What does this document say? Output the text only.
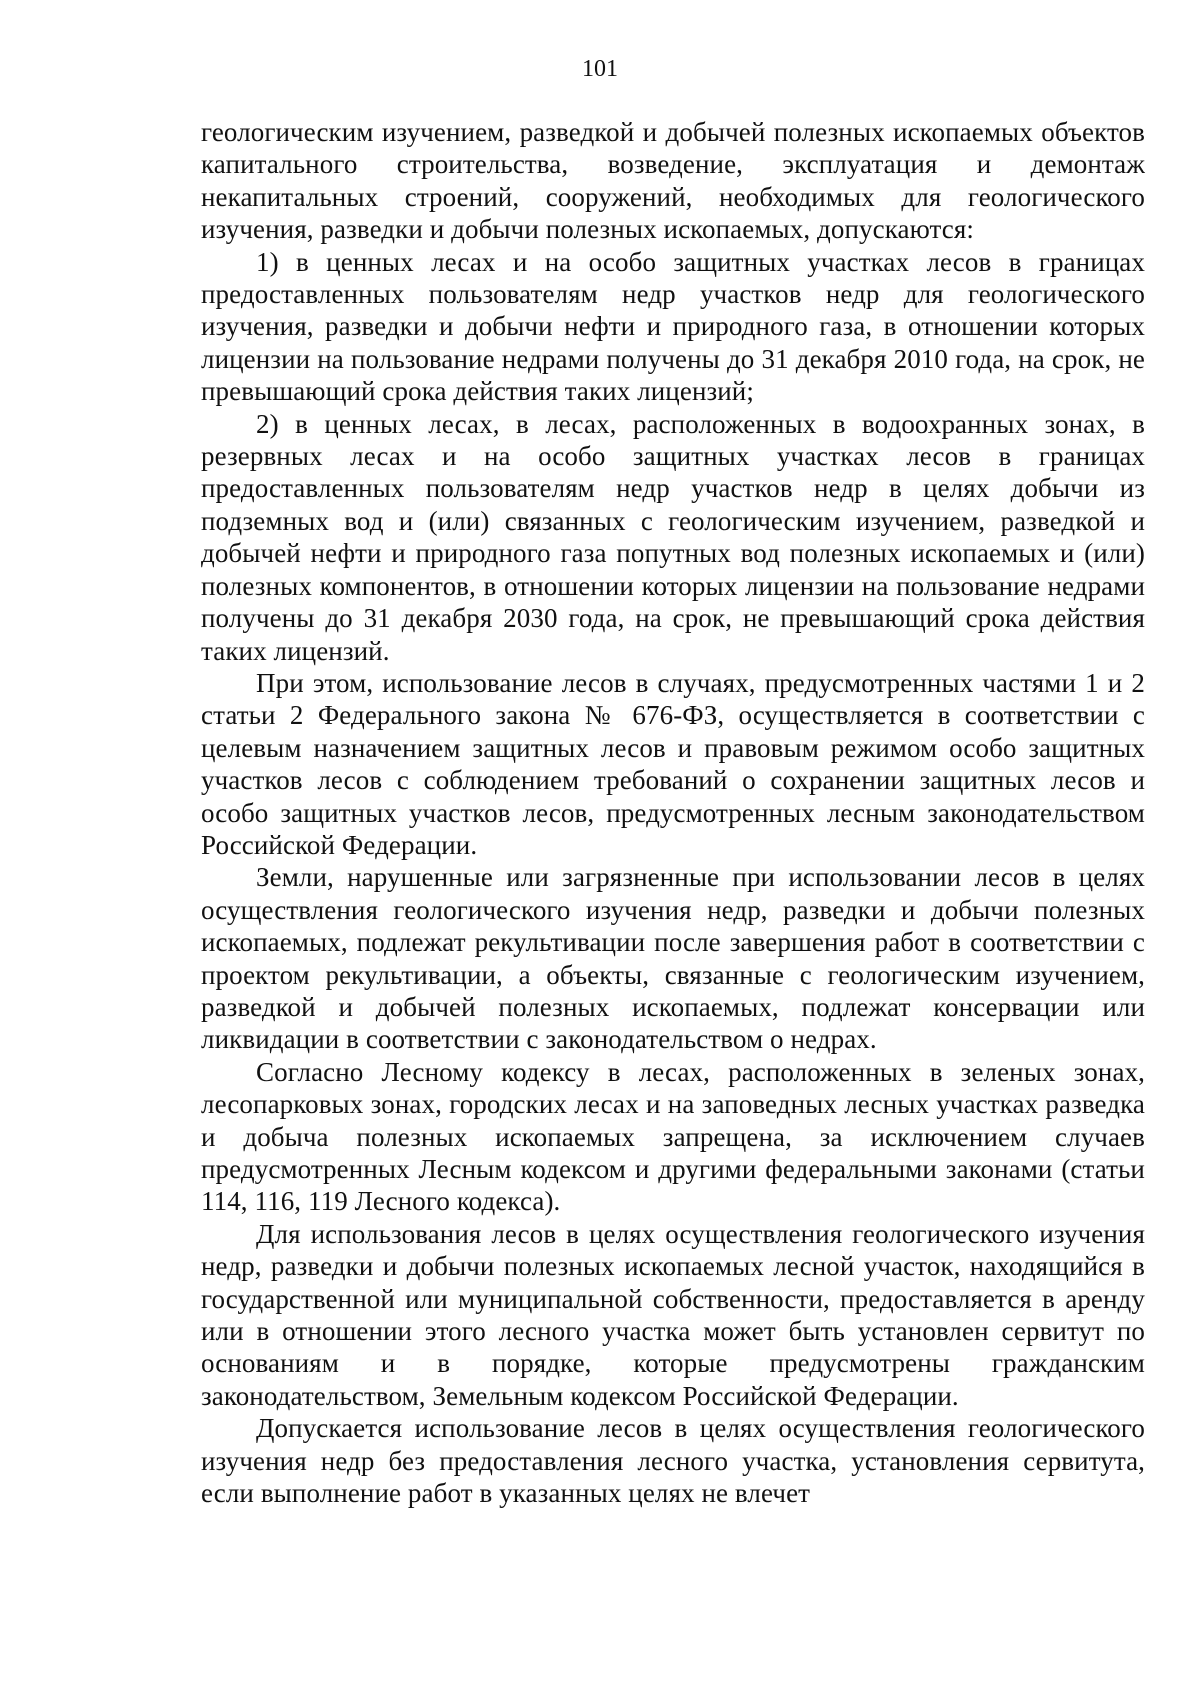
101

геологическим изучением, разведкой и добычей полезных ископаемых объектов капитального строительства, возведение, эксплуатация и демонтаж некапитальных строений, сооружений, необходимых для геологического изучения, разведки и добычи полезных ископаемых, допускаются:

1) в ценных лесах и на особо защитных участках лесов в границах предоставленных пользователям недр участков недр для геологического изучения, разведки и добычи нефти и природного газа, в отношении которых лицензии на пользование недрами получены до 31 декабря 2010 года, на срок, не превышающий срока действия таких лицензий;

2) в ценных лесах, в лесах, расположенных в водоохранных зонах, в резервных лесах и на особо защитных участках лесов в границах предоставленных пользователям недр участков недр в целях добычи из подземных вод и (или) связанных с геологическим изучением, разведкой и добычей нефти и природного газа попутных вод полезных ископаемых и (или) полезных компонентов, в отношении которых лицензии на пользование недрами получены до 31 декабря 2030 года, на срок, не превышающий срока действия таких лицензий.

При этом, использование лесов в случаях, предусмотренных частями 1 и 2 статьи 2 Федерального закона № 676-ФЗ, осуществляется в соответствии с целевым назначением защитных лесов и правовым режимом особо защитных участков лесов с соблюдением требований о сохранении защитных лесов и особо защитных участков лесов, предусмотренных лесным законодательством Российской Федерации.

Земли, нарушенные или загрязненные при использовании лесов в целях осуществления геологического изучения недр, разведки и добычи полезных ископаемых, подлежат рекультивации после завершения работ в соответствии с проектом рекультивации, а объекты, связанные с геологическим изучением, разведкой и добычей полезных ископаемых, подлежат консервации или ликвидации в соответствии с законодательством о недрах.

Согласно Лесному кодексу в лесах, расположенных в зеленых зонах, лесопарковых зонах, городских лесах и на заповедных лесных участках разведка и добыча полезных ископаемых запрещена, за исключением случаев предусмотренных Лесным кодексом и другими федеральными законами (статьи 114, 116, 119 Лесного кодекса).

Для использования лесов в целях осуществления геологического изучения недр, разведки и добычи полезных ископаемых лесной участок, находящийся в государственной или муниципальной собственности, предоставляется в аренду или в отношении этого лесного участка может быть установлен сервитут по основаниям и в порядке, которые предусмотрены гражданским законодательством, Земельным кодексом Российской Федерации.

Допускается использование лесов в целях осуществления геологического изучения недр без предоставления лесного участка, установления сервитута, если выполнение работ в указанных целях не влечет
